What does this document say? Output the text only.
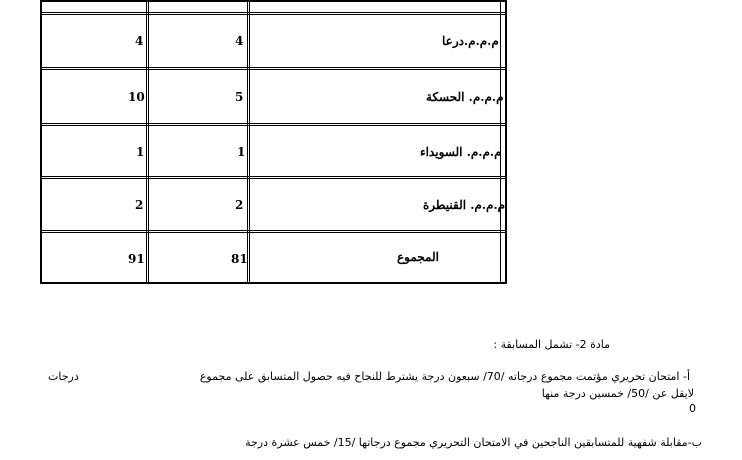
م.م.م.درعا
4
4
م.م.م. الحسكة
5
10
م.م.م. السويداء
1
1
م.م.م. القنيطرة
2
2
المجموع
81
91
مادة 2- تشمل المسابقة :
أ- امتحان تحريري مؤتمت مجموع درجاته /70/ سبعون درجة يشترط للنجاح فيه حصول المتسابق على مجموع
درجات
لايقل عن /50/ خمسين درجة منها
0
ب-مقابلة شفهية للمتسابقين الناجحين في الامتحان التحريري مجموع درجاتها /15/ خمس عشرة درجة
